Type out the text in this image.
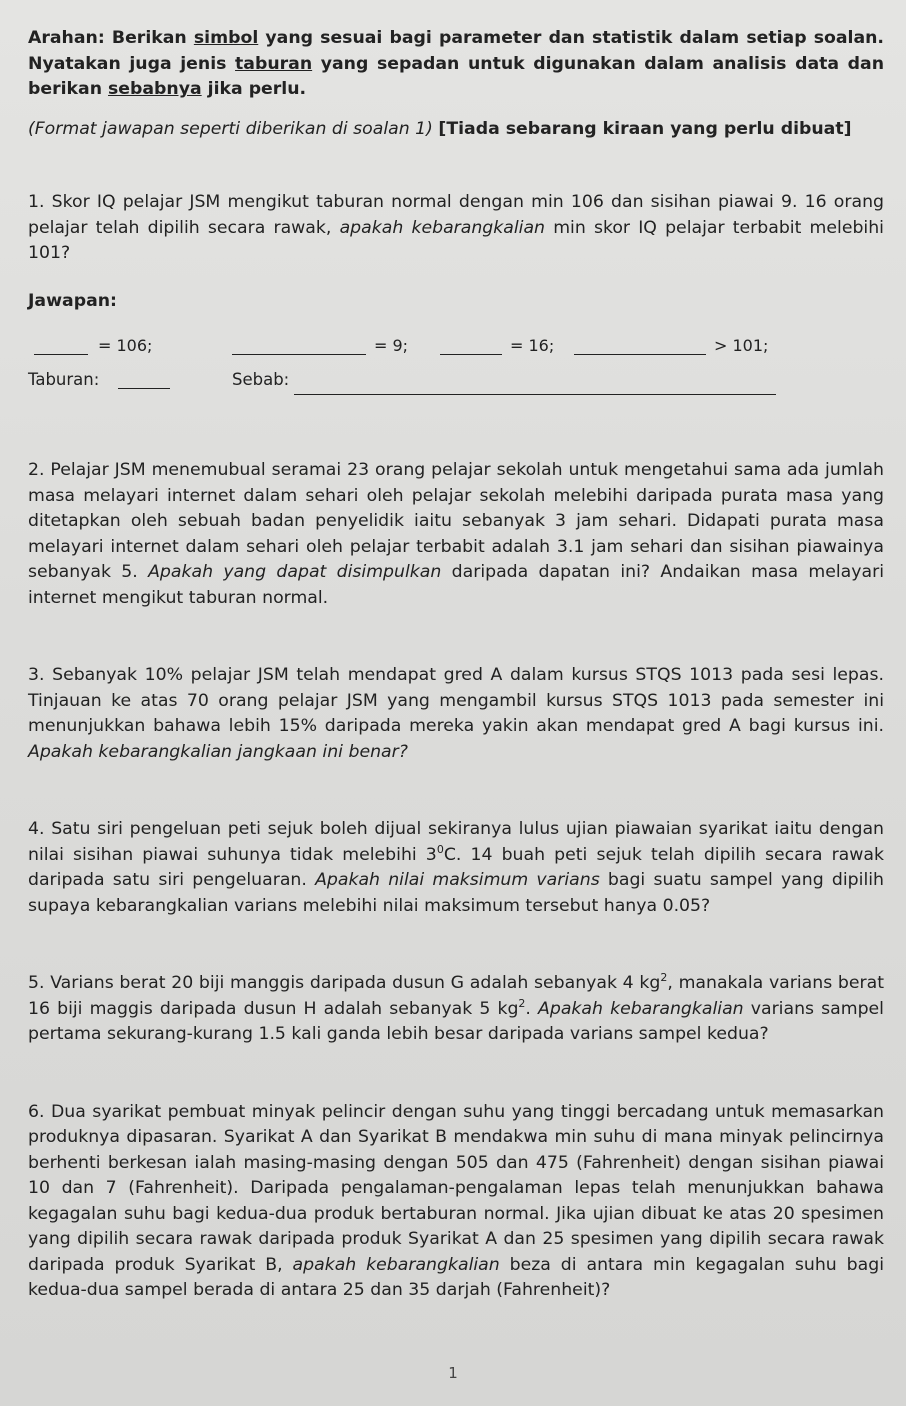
Arahan: Berikan simbol yang sesuai bagi parameter dan statistik dalam setiap soalan. Nyatakan juga jenis taburan yang sepadan untuk digunakan dalam analisis data dan berikan sebabnya jika perlu.

(Format jawapan seperti diberikan di soalan 1) [Tiada sebarang kiraan yang perlu dibuat]

1. Skor IQ pelajar JSM mengikut taburan normal dengan min 106 dan sisihan piawai 9. 16 orang pelajar telah dipilih secara rawak, apakah kebarangkalian min skor IQ pelajar terbabit melebihi 101?

Jawapan:

= 106;	= 9;	= 16;	> 101;
Taburan:	Sebab:

2. Pelajar JSM menemubual seramai 23 orang pelajar sekolah untuk mengetahui sama ada jumlah masa melayari internet dalam sehari oleh pelajar sekolah melebihi daripada purata masa yang ditetapkan oleh sebuah badan penyelidik iaitu sebanyak 3 jam sehari. Didapati purata masa melayari internet dalam sehari oleh pelajar terbabit adalah 3.1 jam sehari dan sisihan piawainya sebanyak 5. Apakah yang dapat disimpulkan daripada dapatan ini? Andaikan masa melayari internet mengikut taburan normal.

3. Sebanyak 10% pelajar JSM telah mendapat gred A dalam kursus STQS 1013 pada sesi lepas. Tinjauan ke atas 70 orang pelajar JSM yang mengambil kursus STQS 1013 pada semester ini menunjukkan bahawa lebih 15% daripada mereka yakin akan mendapat gred A bagi kursus ini. Apakah kebarangkalian jangkaan ini benar?

4. Satu siri pengeluan peti sejuk boleh dijual sekiranya lulus ujian piawaian syarikat iaitu dengan nilai sisihan piawai suhunya tidak melebihi $3^0C$. 14 buah peti sejuk telah dipilih secara rawak daripada satu siri pengeluaran. Apakah nilai maksimum varians bagi suatu sampel yang dipilih supaya kebarangkalian varians melebihi nilai maksimum tersebut hanya 0.05?

5. Varians berat 20 biji manggis daripada dusun G adalah sebanyak 4 $kg^2$, manakala varians berat 16 biji maggis daripada dusun H adalah sebanyak 5 $kg^2$. Apakah kebarangkalian varians sampel pertama sekurang-kurang 1.5 kali ganda lebih besar daripada varians sampel kedua?

6. Dua syarikat pembuat minyak pelincir dengan suhu yang tinggi bercadang untuk memasarkan produknya dipasaran. Syarikat A dan Syarikat B mendakwa min suhu di mana minyak pelincirnya berhenti berkesan ialah masing-masing dengan 505 dan 475 (Fahrenheit) dengan sisihan piawai 10 dan 7 (Fahrenheit). Daripada pengalaman-pengalaman lepas telah menunjukkan bahawa kegagalan suhu bagi kedua-dua produk bertaburan normal. Jika ujian dibuat ke atas 20 spesimen yang dipilih secara rawak daripada produk Syarikat A dan 25 spesimen yang dipilih secara rawak daripada produk Syarikat B, apakah kebarangkalian beza di antara min kegagalan suhu bagi kedua-dua sampel berada di antara 25 dan 35 darjah (Fahrenheit)?

1
